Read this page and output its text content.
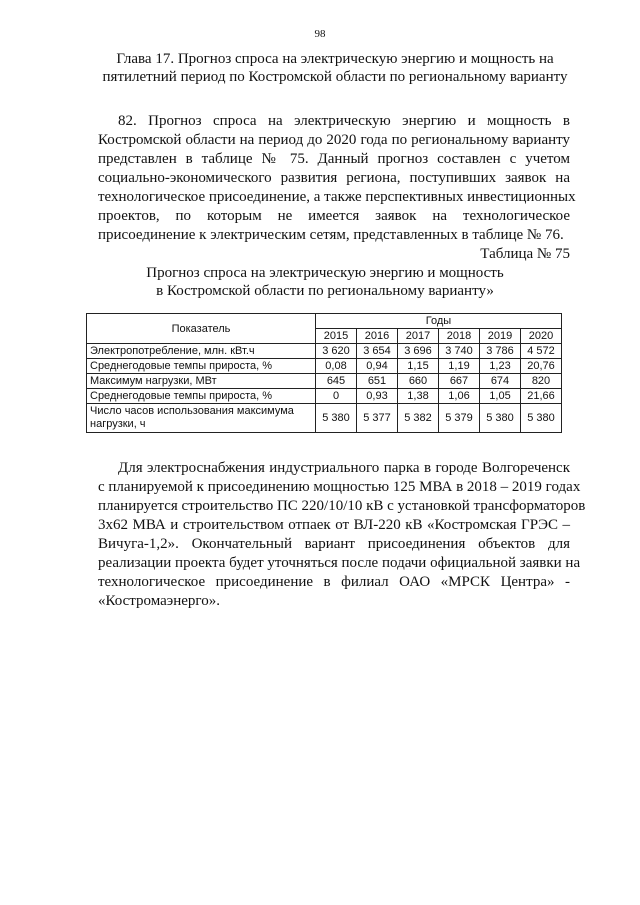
98
Глава 17. Прогноз спроса на электрическую энергию и мощность на
пятилетний период по Костромской области по региональному варианту
82. Прогноз спроса на электрическую энергию и мощность в
Костромской области на период до 2020 года по региональному варианту
представлен в таблице № 75. Данный прогноз составлен с учетом
социально-экономического развития региона, поступивших заявок на
технологическое присоединение, а также перспективных инвестиционных
проектов, по которым не имеется заявок на технологическое
присоединение к электрическим сетям, представленных в таблице № 76.
Таблица № 75
Прогноз спроса на электрическую энергию и мощность
в Костромской области по региональному варианту»
Показатель	Годы					
	2015	2016	2017	2018	2019	2020
Электропотребление, млн. кВт.ч	3 620	3 654	3 696	3 740	3 786	4 572
Среднегодовые темпы прироста, %	0,08	0,94	1,15	1,19	1,23	20,76
Максимум нагрузки, МВт	645	651	660	667	674	820
Среднегодовые темпы прироста, %	0	0,93	1,38	1,06	1,05	21,66
Число часов использования максимума нагрузки, ч	5 380	5 377	5 382	5 379	5 380	5 380
Для электроснабжения индустриального парка в городе Волгореченск
с планируемой к присоединению мощностью 125 МВА в 2018 – 2019 годах
планируется строительство ПС 220/10/10 кВ с установкой трансформаторов
3х62 МВА и строительством отпаек от ВЛ-220 кВ «Костромская ГРЭС –
Вичуга-1,2». Окончательный вариант присоединения объектов для
реализации проекта будет уточняться после подачи официальной заявки на
технологическое присоединение в филиал ОАО «МРСК Центра» -
«Костромаэнерго».
